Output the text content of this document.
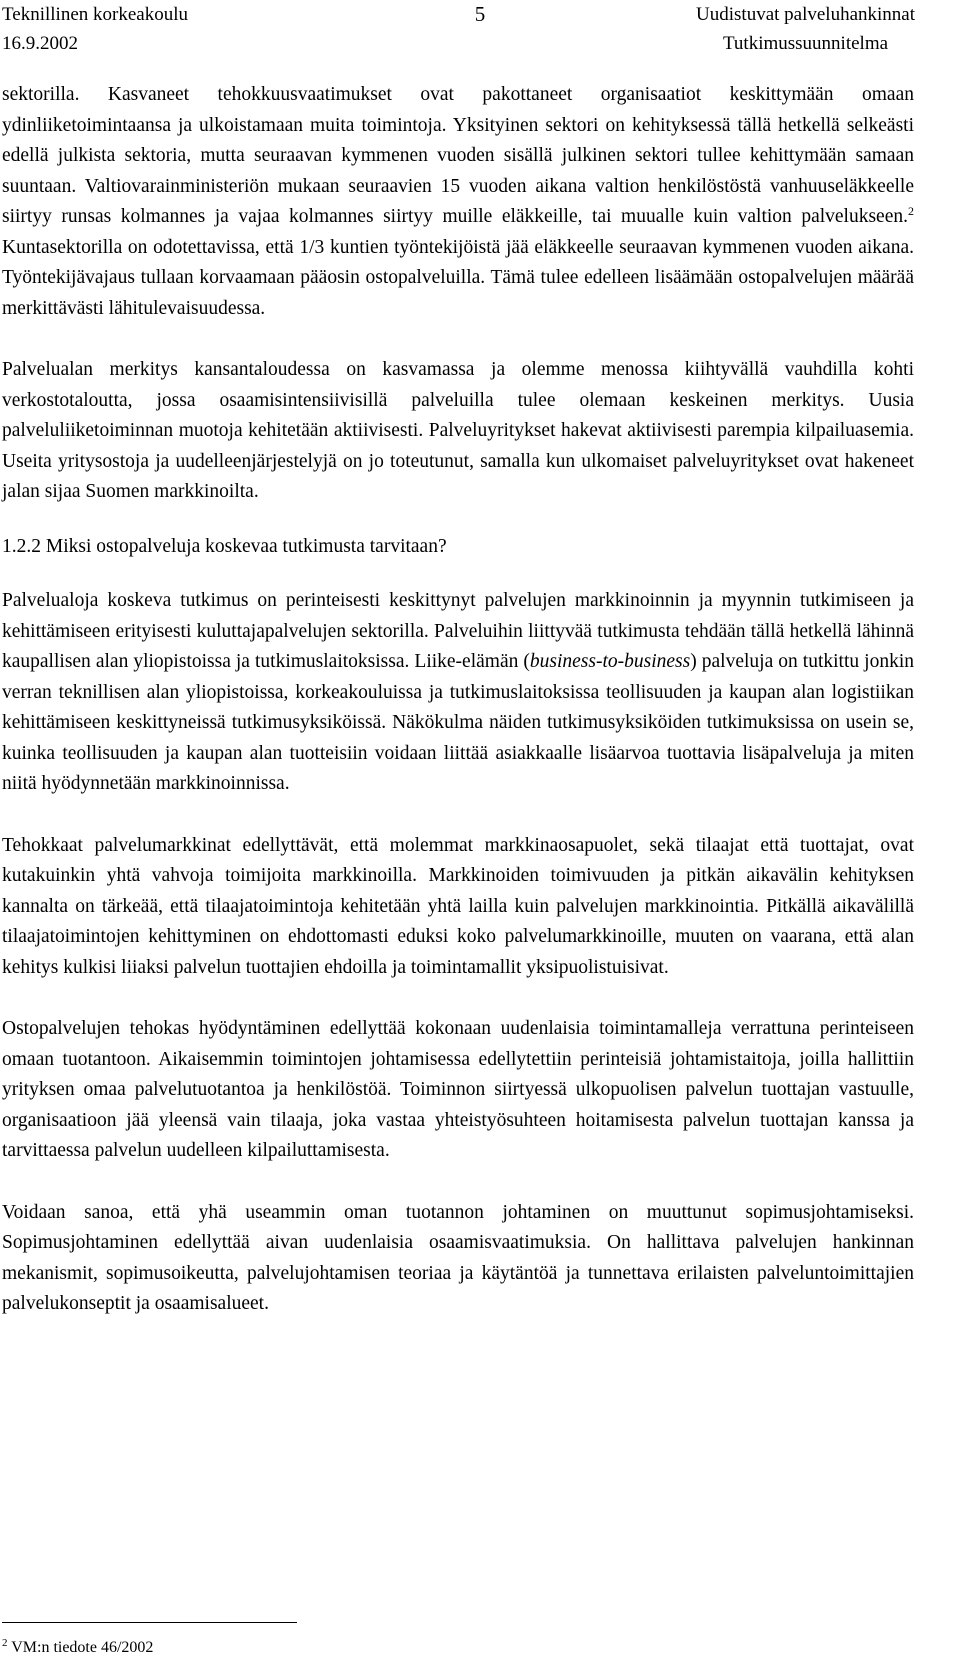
Teknillinen korkeakoulu
16.9.2002
5	Uudistuvat palveluhankinnat
Tutkimussuunnitelma

sektorilla. Kasvaneet tehokkuusvaatimukset ovat pakottaneet organisaatiot keskittymään omaan ydinliiketoimintaansa ja ulkoistamaan muita toimintoja. Yksityinen sektori on kehityksessä tällä hetkellä selkeästi edellä julkista sektoria, mutta seuraavan kymmenen vuoden sisällä julkinen sektori tullee kehittymään samaan suuntaan. Valtiovarainministeriön mukaan seuraavien 15 vuoden aikana valtion henkilöstöstä vanhuuseläkkeelle siirtyy runsas kolmannes ja vajaa kolmannes siirtyy muille eläkkeille, tai muualle kuin valtion palvelukseen.$^2$ Kuntasektorilla on odotettavissa, että 1/3 kuntien työntekijöistä jää eläkkeelle seuraavan kymmenen vuoden aikana. Työntekijävajaus tullaan korvaamaan pääosin ostopalveluilla. Tämä tulee edelleen lisäämään ostopalvelujen määrää merkittävästi lähitulevaisuudessa.

Palvelualan merkitys kansantaloudessa on kasvamassa ja olemme menossa kiihtyvällä vauhdilla kohti verkostotaloutta, jossa osaamisintensiivisillä palveluilla tulee olemaan keskeinen merkitys. Uusia palveluliiketoiminnan muotoja kehitetään aktiivisesti. Palveluyritykset hakevat aktiivisesti parempia kilpailuasemia. Useita yritysostoja ja uudelleenjärjestelyjä on jo toteutunut, samalla kun ulkomaiset palveluyritykset ovat hakeneet jalan sijaa Suomen markkinoilta.

1.2.2 Miksi ostopalveluja koskevaa tutkimusta tarvitaan?

Palvelualoja koskeva tutkimus on perinteisesti keskittynyt palvelujen markkinoinnin ja myynnin tutkimiseen ja kehittämiseen erityisesti kuluttajapalvelujen sektorilla. Palveluihin liittyvää tutkimusta tehdään tällä hetkellä lähinnä kaupallisen alan yliopistoissa ja tutkimuslaitoksissa. Liike-elämän (business-to-business) palveluja on tutkittu jonkin verran teknillisen alan yliopistoissa, korkeakouluissa ja tutkimuslaitoksissa teollisuuden ja kaupan alan logistiikan kehittämiseen keskittyneissä tutkimusyksiköissä. Näkökulma näiden tutkimusyksiköiden tutkimuksissa on usein se, kuinka teollisuuden ja kaupan alan tuotteisiin voidaan liittää asiakkaalle lisäarvoa tuottavia lisäpalveluja ja miten niitä hyödynnetään markkinoinnissa.

Tehokkaat palvelumarkkinat edellyttävät, että molemmat markkinaosapuolet, sekä tilaajat että tuottajat, ovat kutakuinkin yhtä vahvoja toimijoita markkinoilla. Markkinoiden toimivuuden ja pitkän aikavälin kehityksen kannalta on tärkeää, että tilaajatoimintoja kehitetään yhtä lailla kuin palvelujen markkinointia. Pitkällä aikavälillä tilaajatoimintojen kehittyminen on ehdottomasti eduksi koko palvelumarkkinoille, muuten on vaarana, että alan kehitys kulkisi liiaksi palvelun tuottajien ehdoilla ja toimintamallit yksipuolistuisivat.

Ostopalvelujen tehokas hyödyntäminen edellyttää kokonaan uudenlaisia toimintamalleja verrattuna perinteiseen omaan tuotantoon. Aikaisemmin toimintojen johtamisessa edellytettiin perinteisiä johtamistaitoja, joilla hallittiin yrityksen omaa palvelutuotantoa ja henkilöstöä. Toiminnon siirtyessä ulkopuolisen palvelun tuottajan vastuulle, organisaatioon jää yleensä vain tilaaja, joka vastaa yhteistyösuhteen hoitamisesta palvelun tuottajan kanssa ja tarvittaessa palvelun uudelleen kilpailuttamisesta.

Voidaan sanoa, että yhä useammin oman tuotannon johtaminen on muuttunut sopimusjohtamiseksi. Sopimusjohtaminen edellyttää aivan uudenlaisia osaamisvaatimuksia. On hallittava palvelujen hankinnan mekanismit, sopimusoikeutta, palvelujohtamisen teoriaa ja käytäntöä ja tunnettava erilaisten palveluntoimittajien palvelukonseptit ja osaamisalueet.

$^2$ VM:n tiedote 46/2002
